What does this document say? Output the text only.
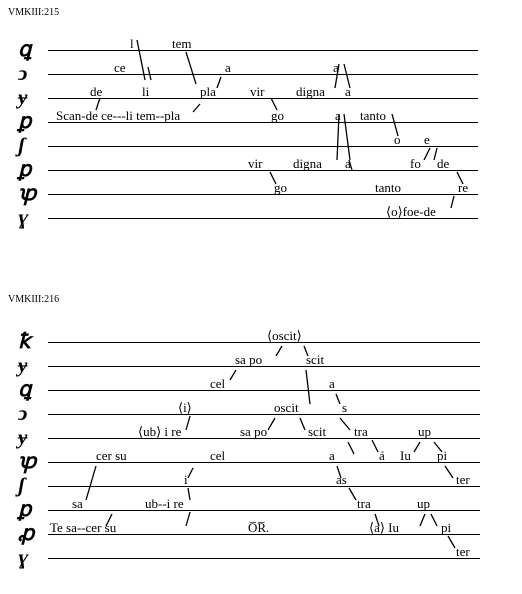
VMKIII:215
ꝗ
ↄ
ɏ
ꝑ
ʃ
ꝑ
ꝕ
ɣ
l	tem
ce	a	a
de	li	pla	vir digna a
Scan-de ce---li tem--pla	go	a tanto
o e
vir digna a	fo de
go	tanto	re
⟨o⟩foe-de
VMKIII:216
ꝁ
ɏ
ꝗ
ↄ
ɏ
ꝕ
ʃ
ꝑ
ꝓ
ɣ
⟨oscit⟩
sa po	scit
cel	a
⟨i⟩	oscit	s
⟨ub⟩ i re	sa po	scit tra	up
cer su	cel	a	á Iu pi
i	as	ter
sa	ub--i re	tra	up
Te sa--cer su	O̅R̅.	⟨a⟩ Iu	pi
ter
